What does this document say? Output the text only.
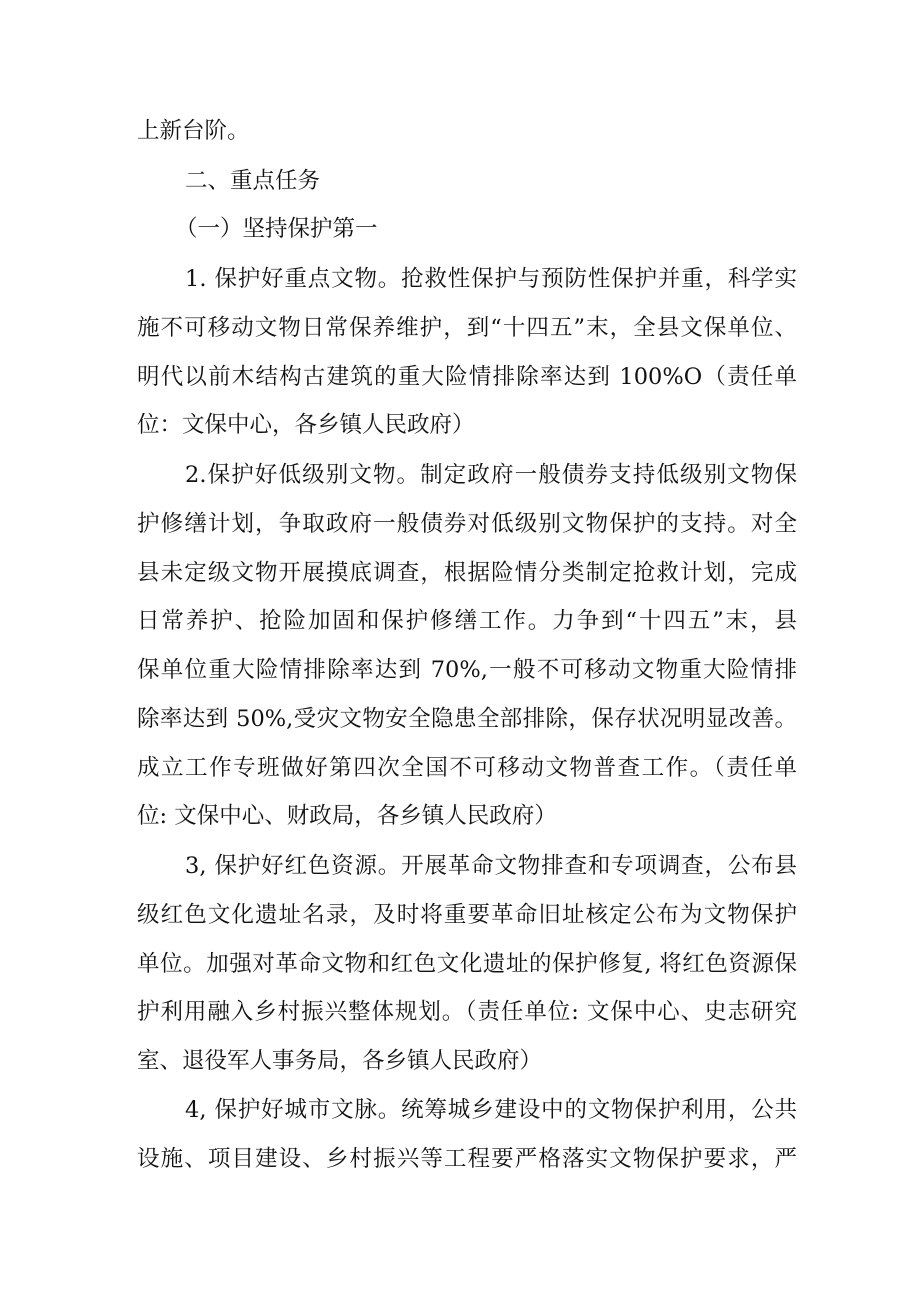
上新台阶。
二、重点任务
（一）坚持保护第一
1. 保护好重点文物。抢救性保护与预防性保护并重，科学实
施不可移动文物日常保养维护，到“十四五”末，全县文保单位、
明代以前木结构古建筑的重大险情排除率达到 100%O（责任单
位：文保中心，各乡镇人民政府）
2.保护好低级别文物。制定政府一般债券支持低级别文物保
护修缮计划，争取政府一般债券对低级别文物保护的支持。对全
县未定级文物开展摸底调查，根据险情分类制定抢救计划，完成
日常养护、抢险加固和保护修缮工作。力争到“十四五”末，县
保单位重大险情排除率达到 70%,一般不可移动文物重大险情排
除率达到 50%,受灾文物安全隐患全部排除，保存状况明显改善。
成立工作专班做好第四次全国不可移动文物普查工作。（责任单
位: 文保中心、财政局，各乡镇人民政府）
3, 保护好红色资源。开展革命文物排查和专项调查，公布县
级红色文化遗址名录，及时将重要革命旧址核定公布为文物保护
单位。加强对革命文物和红色文化遗址的保护修复, 将红色资源保
护利用融入乡村振兴整体规划。（责任单位: 文保中心、史志研究
室、退役军人事务局，各乡镇人民政府）
4, 保护好城市文脉。统筹城乡建设中的文物保护利用，公共
设施、项目建设、乡村振兴等工程要严格落实文物保护要求，严
